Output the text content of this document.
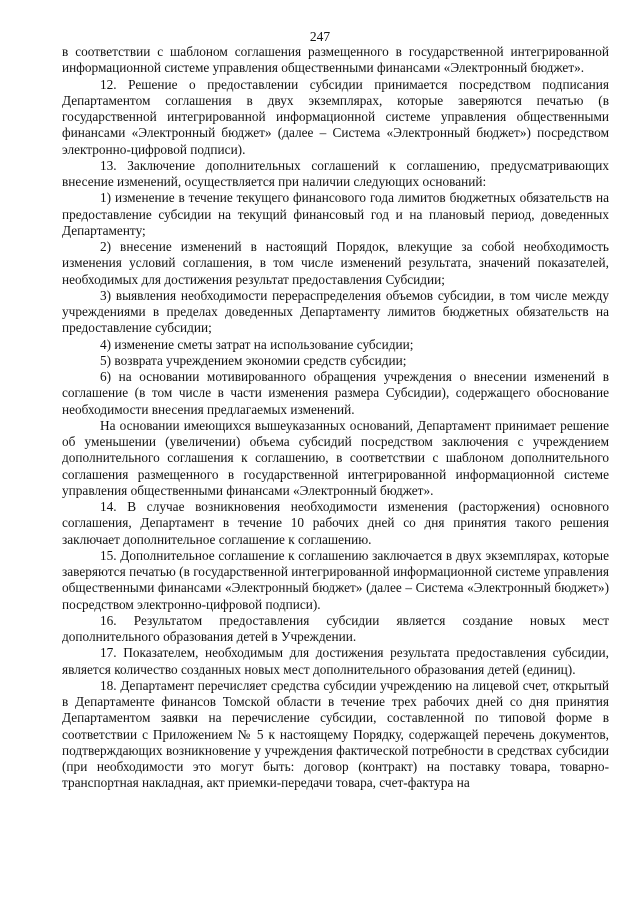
247

в соответствии с шаблоном соглашения размещенного в государственной интегрированной информационной системе управления общественными финансами «Электронный бюджет».

12. Решение о предоставлении субсидии принимается посредством подписания Департаментом соглашения в двух экземплярах, которые заверяются печатью (в государственной интегрированной информационной системе управления общественными финансами «Электронный бюджет» (далее – Система «Электронный бюджет») посредством электронно-цифровой подписи).

13. Заключение дополнительных соглашений к соглашению, предусматривающих внесение изменений, осуществляется при наличии следующих оснований:

1) изменение в течение текущего финансового года лимитов бюджетных обязательств на предоставление субсидии на текущий финансовый год и на плановый период, доведенных Департаменту;

2) внесение изменений в настоящий Порядок, влекущие за собой необходимость изменения условий соглашения, в том числе изменений результата, значений показателей, необходимых для достижения результат предоставления Субсидии;

3) выявления необходимости перераспределения объемов субсидии, в том числе между учреждениями в пределах доведенных Департаменту лимитов бюджетных обязательств на предоставление субсидии;

4) изменение сметы затрат на использование субсидии;

5) возврата учреждением экономии средств субсидии;

6) на основании мотивированного обращения учреждения о внесении изменений в соглашение (в том числе в части изменения размера Субсидии), содержащего обоснование необходимости внесения предлагаемых изменений.

На основании имеющихся вышеуказанных оснований, Департамент принимает решение об уменьшении (увеличении) объема субсидий посредством заключения с учреждением дополнительного соглашения к соглашению, в соответствии с шаблоном дополнительного соглашения размещенного в государственной интегрированной информационной системе управления общественными финансами «Электронный бюджет».

14. В случае возникновения необходимости изменения (расторжения) основного соглашения, Департамент в течение 10 рабочих дней со дня принятия такого решения заключает дополнительное соглашение к соглашению.

15. Дополнительное соглашение к соглашению заключается в двух экземплярах, которые заверяются печатью (в государственной интегрированной информационной системе управления общественными финансами «Электронный бюджет» (далее – Система «Электронный бюджет») посредством электронно-цифровой подписи).

16. Результатом предоставления субсидии является создание новых мест дополнительного образования детей в Учреждении.

17. Показателем, необходимым для достижения результата предоставления субсидии, является количество созданных новых мест дополнительного образования детей (единиц).

18. Департамент перечисляет средства субсидии учреждению на лицевой счет, открытый в Департаменте финансов Томской области в течение трех рабочих дней со дня принятия Департаментом заявки на перечисление субсидии, составленной по типовой форме в соответствии с Приложением № 5 к настоящему Порядку, содержащей перечень документов, подтверждающих возникновение у учреждения фактической потребности в средствах субсидии (при необходимости это могут быть: договор (контракт) на поставку товара, товарно-транспортная накладная, акт приемки-передачи товара, счет-фактура на
